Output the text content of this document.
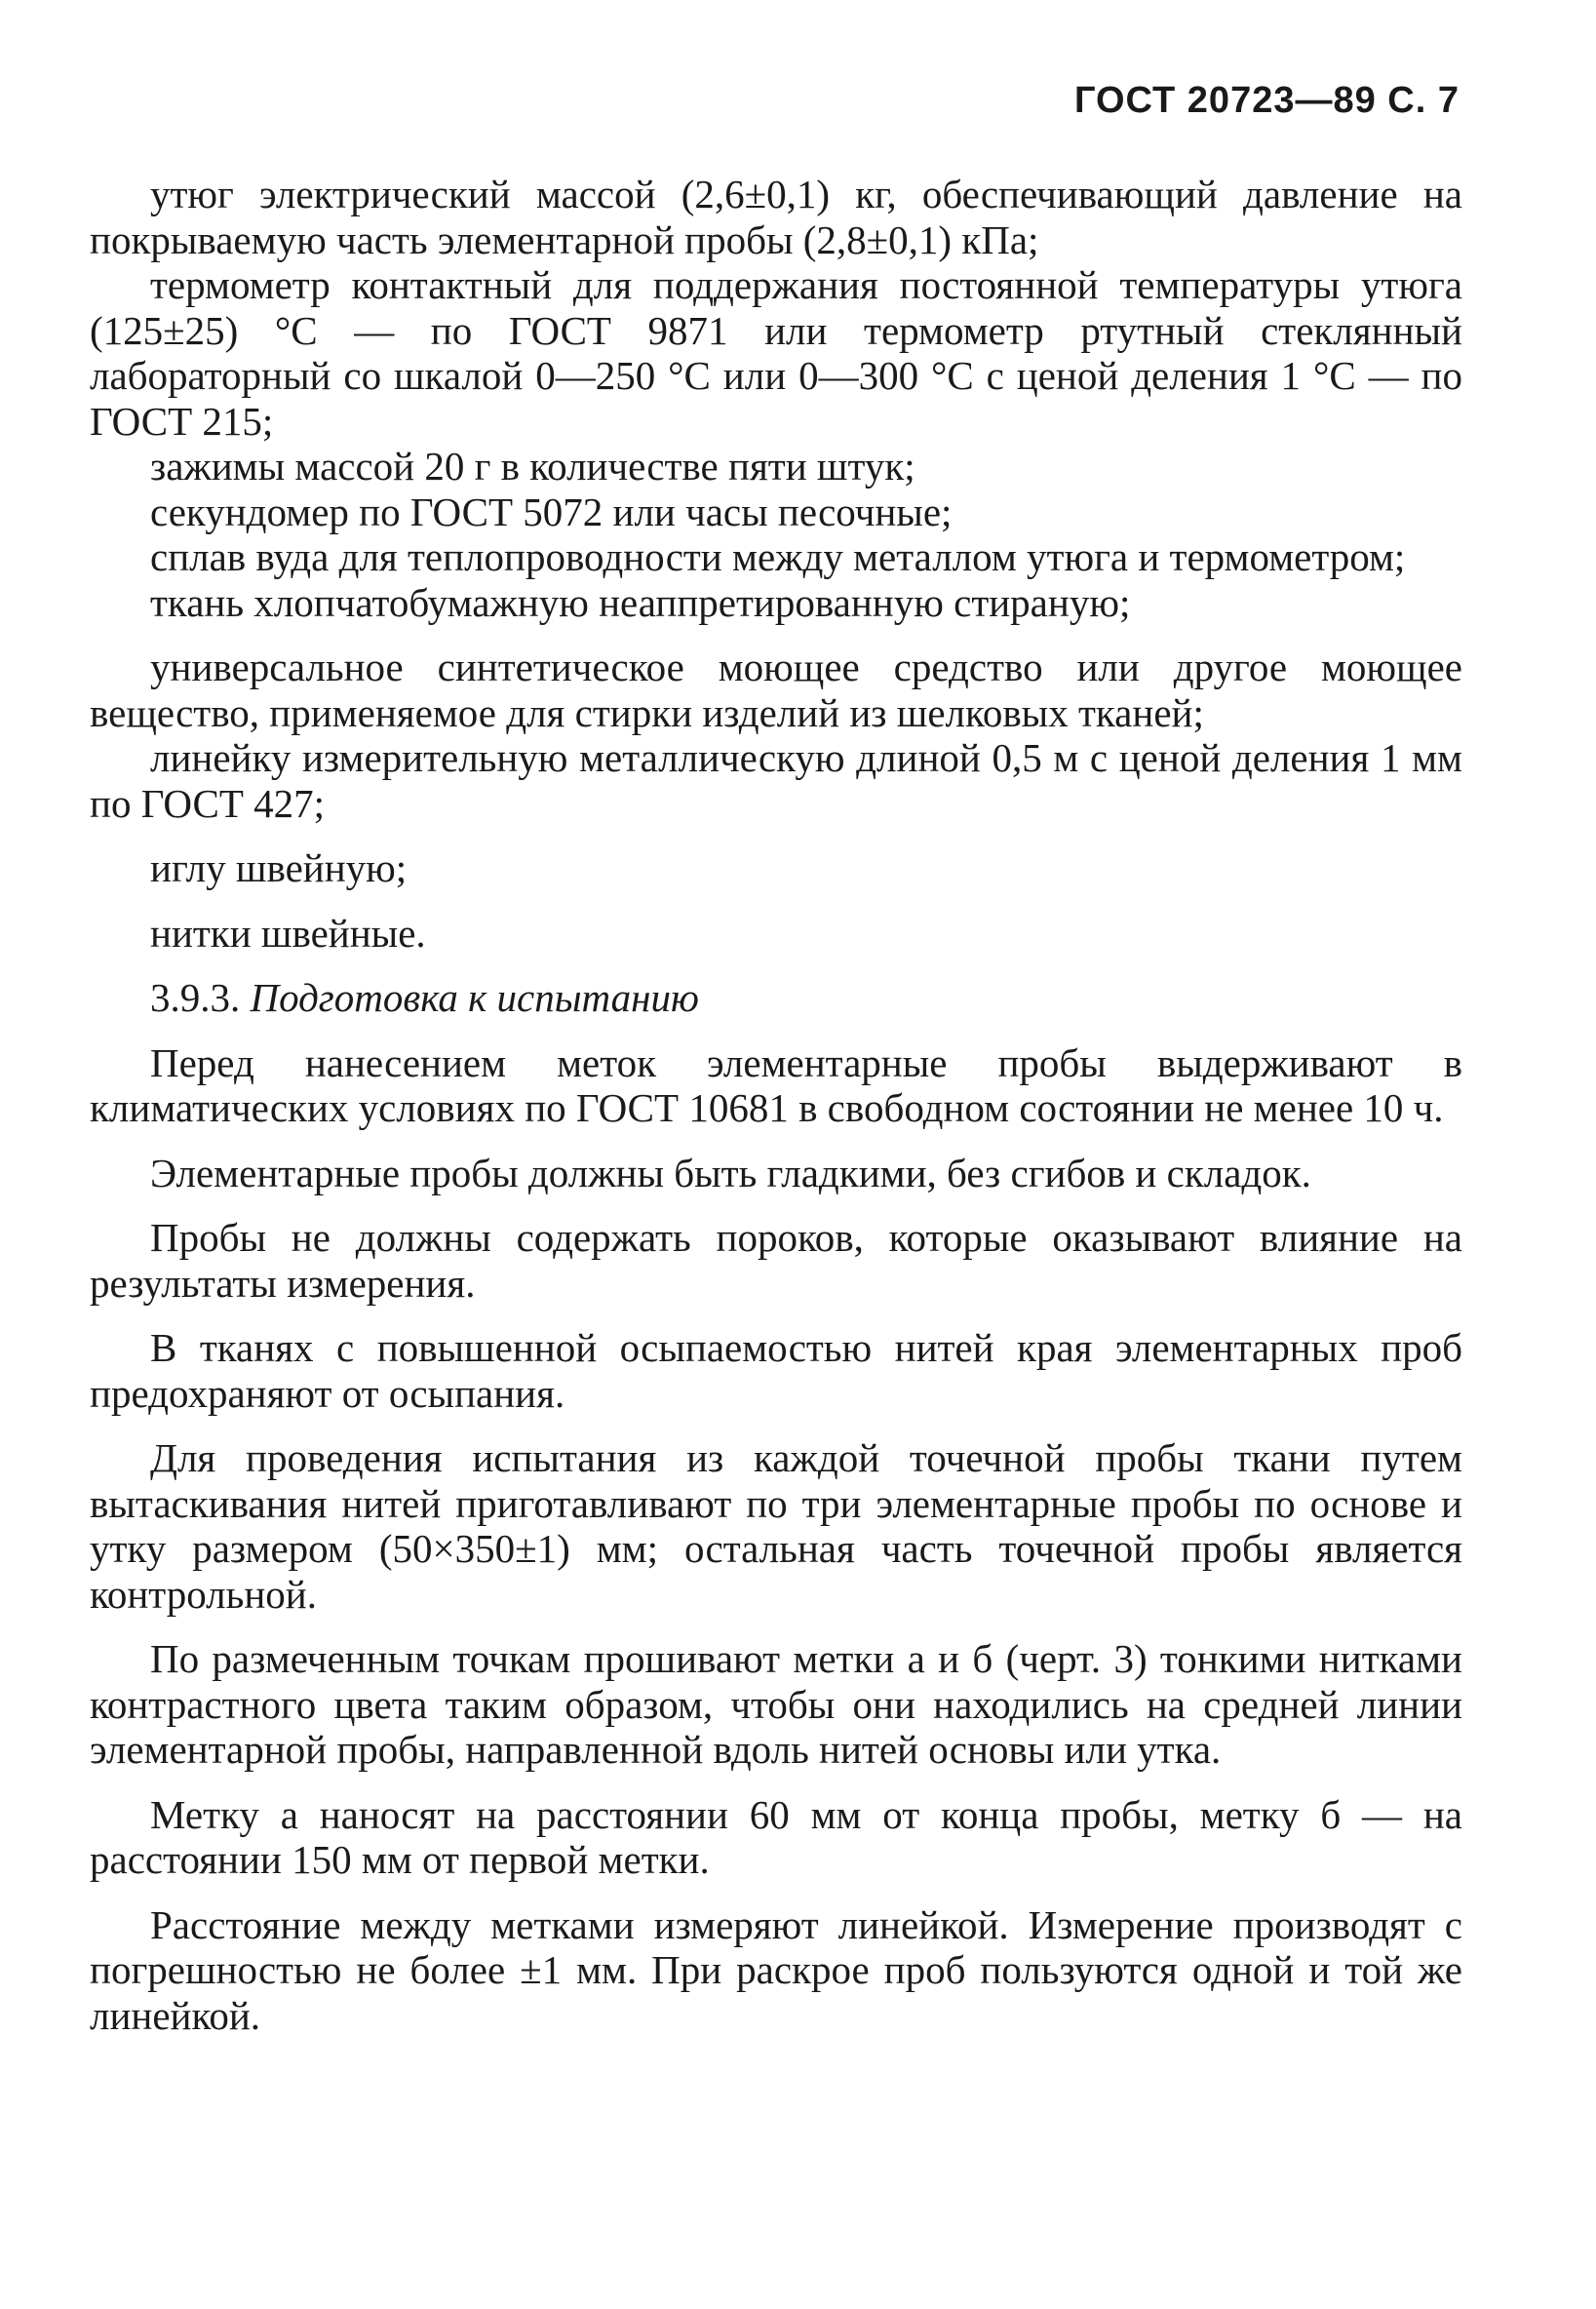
ГОСТ 20723—89 С. 7

утюг электрический массой (2,6±0,1) кг, обеспечивающий давление на покрываемую часть элементарной пробы (2,8±0,1) кПа;

термометр контактный для поддержания постоянной температуры утюга (125±25) °С — по ГОСТ 9871 или термометр ртутный стеклянный лабораторный со шкалой 0—250 °С или 0—300 °С с ценой деления 1 °С — по ГОСТ 215;

зажимы массой 20 г в количестве пяти штук;

секундомер по ГОСТ 5072 или часы песочные;

сплав вуда для теплопроводности между металлом утюга и термометром;

ткань хлопчатобумажную неаппретированную стираную;

универсальное синтетическое моющее средство или другое моющее вещество, применяемое для стирки изделий из шелковых тканей;

линейку измерительную металлическую длиной 0,5 м с ценой деления 1 мм по ГОСТ 427;

иглу швейную;

нитки швейные.

3.9.3. Подготовка к испытанию

Перед нанесением меток элементарные пробы выдерживают в климатических условиях по ГОСТ 10681 в свободном состоянии не менее 10 ч.

Элементарные пробы должны быть гладкими, без сгибов и складок.

Пробы не должны содержать пороков, которые оказывают влияние на результаты измерения.

В тканях с повышенной осыпаемостью нитей края элементарных проб предохраняют от осыпания.

Для проведения испытания из каждой точечной пробы ткани путем вытаскивания нитей приготавливают по три элементарные пробы по основе и утку размером (50×350±1) мм; остальная часть точечной пробы является контрольной.

По размеченным точкам прошивают метки а и б (черт. 3) тонкими нитками контрастного цвета таким образом, чтобы они находились на средней линии элементарной пробы, направленной вдоль нитей основы или утка.

Метку а наносят на расстоянии 60 мм от конца пробы, метку б — на расстоянии 150 мм от первой метки.

Расстояние между метками измеряют линейкой. Измерение производят с погрешностью не более ±1 мм. При раскрое проб пользуются одной и той же линейкой.
